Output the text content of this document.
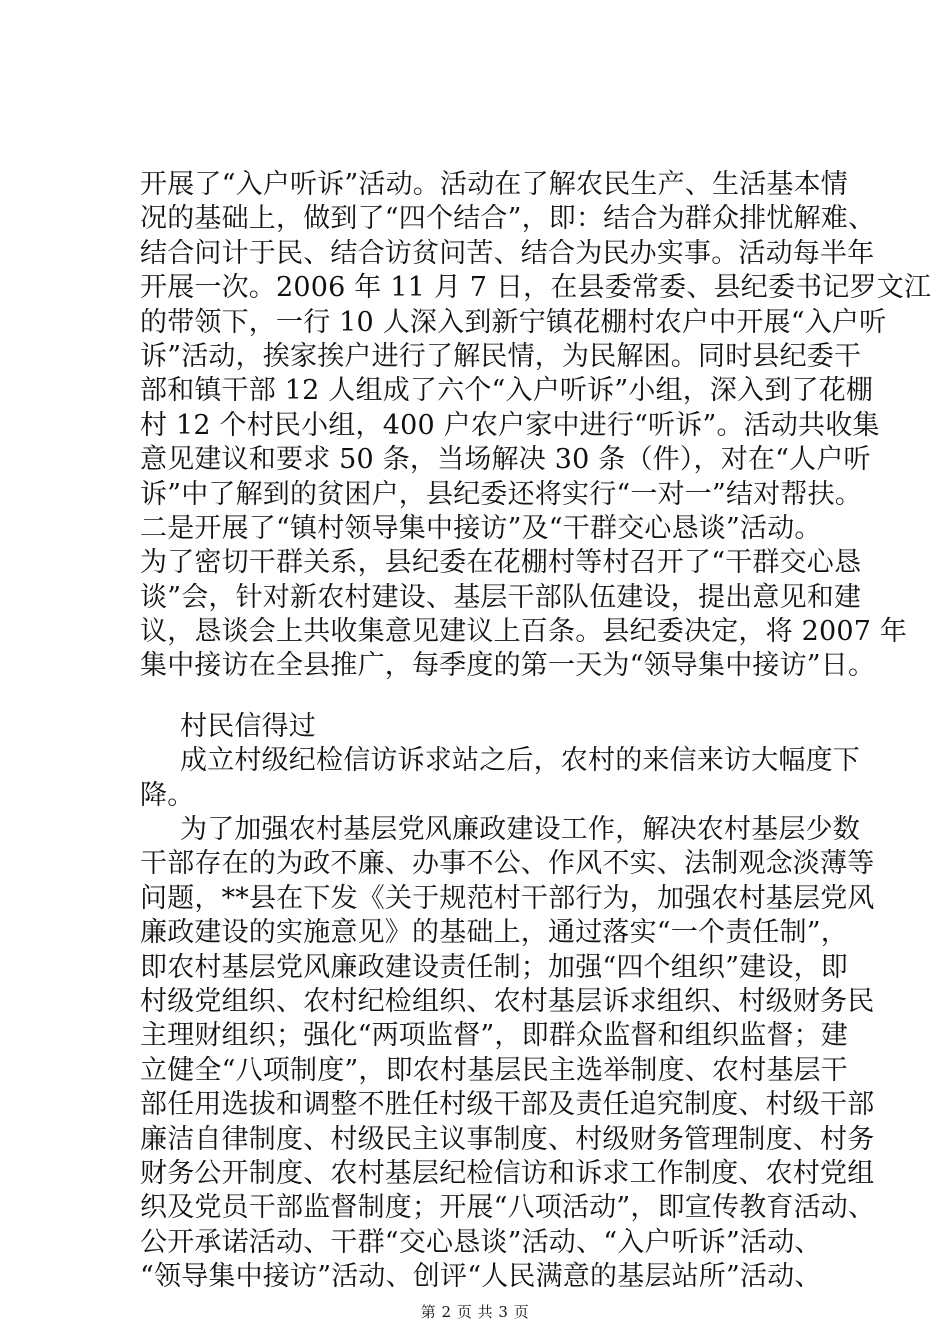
开展了“入户听诉”活动。活动在了解农民生产、生活基本情
况的基础上，做到了“四个结合”，即：结合为群众排忧解难、
结合问计于民、结合访贫问苦、结合为民办实事。活动每半年
开展一次。2006 年 11 月 7 日，在县委常委、县纪委书记罗文江
的带领下，一行 10 人深入到新宁镇花棚村农户中开展“入户听
诉”活动，挨家挨户进行了解民情，为民解困。同时县纪委干
部和镇干部 12 人组成了六个“入户听诉”小组，深入到了花棚
村 12 个村民小组，400 户农户家中进行“听诉”。活动共收集
意见建议和要求 50 条，当场解决 30 条（件），对在“人户听
诉”中了解到的贫困户，县纪委还将实行“一对一”结对帮扶。
二是开展了“镇村领导集中接访”及“干群交心恳谈”活动。
为了密切干群关系，县纪委在花棚村等村召开了“干群交心恳
谈”会，针对新农村建设、基层干部队伍建设，提出意见和建
议，恳谈会上共收集意见建议上百条。县纪委决定，将 2007 年
集中接访在全县推广，每季度的第一天为“领导集中接访”日。
村民信得过
成立村级纪检信访诉求站之后，农村的来信来访大幅度下
降。
为了加强农村基层党风廉政建设工作，解决农村基层少数
干部存在的为政不廉、办事不公、作风不实、法制观念淡薄等
问题，**县在下发《关于规范村干部行为，加强农村基层党风
廉政建设的实施意见》的基础上，通过落实“一个责任制”，
即农村基层党风廉政建设责任制；加强“四个组织”建设，即
村级党组织、农村纪检组织、农村基层诉求组织、村级财务民
主理财组织；强化“两项监督”，即群众监督和组织监督；建
立健全“八项制度”，即农村基层民主选举制度、农村基层干
部任用选拔和调整不胜任村级干部及责任追究制度、村级干部
廉洁自律制度、村级民主议事制度、村级财务管理制度、村务
财务公开制度、农村基层纪检信访和诉求工作制度、农村党组
织及党员干部监督制度；开展“八项活动”，即宣传教育活动、
公开承诺活动、干群“交心恳谈”活动、“入户听诉”活动、
“领导集中接访”活动、创评“人民满意的基层站所”活动、
第 2 页 共 3 页
